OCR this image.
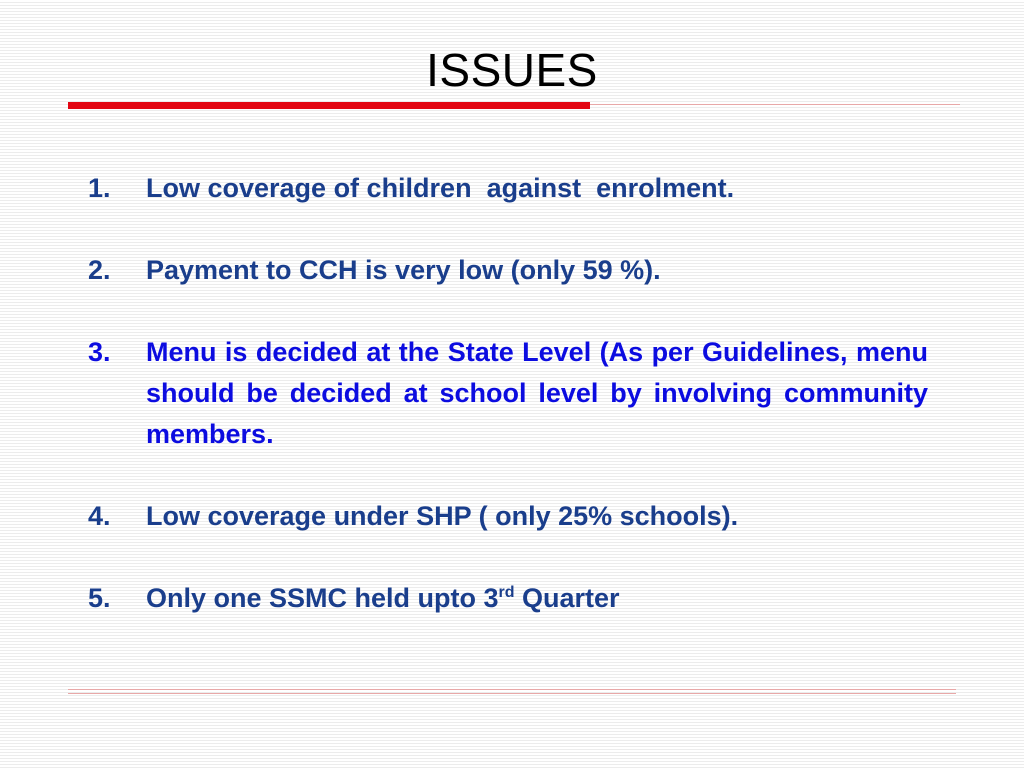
ISSUES
1. Low coverage of children  against  enrolment.
2. Payment to CCH is very low (only 59 %).
3. Menu is decided at the State Level (As per Guidelines, menu should be decided at school level by involving community members.
4. Low coverage under SHP ( only 25% schools).
5. Only one SSMC held upto 3rd Quarter
